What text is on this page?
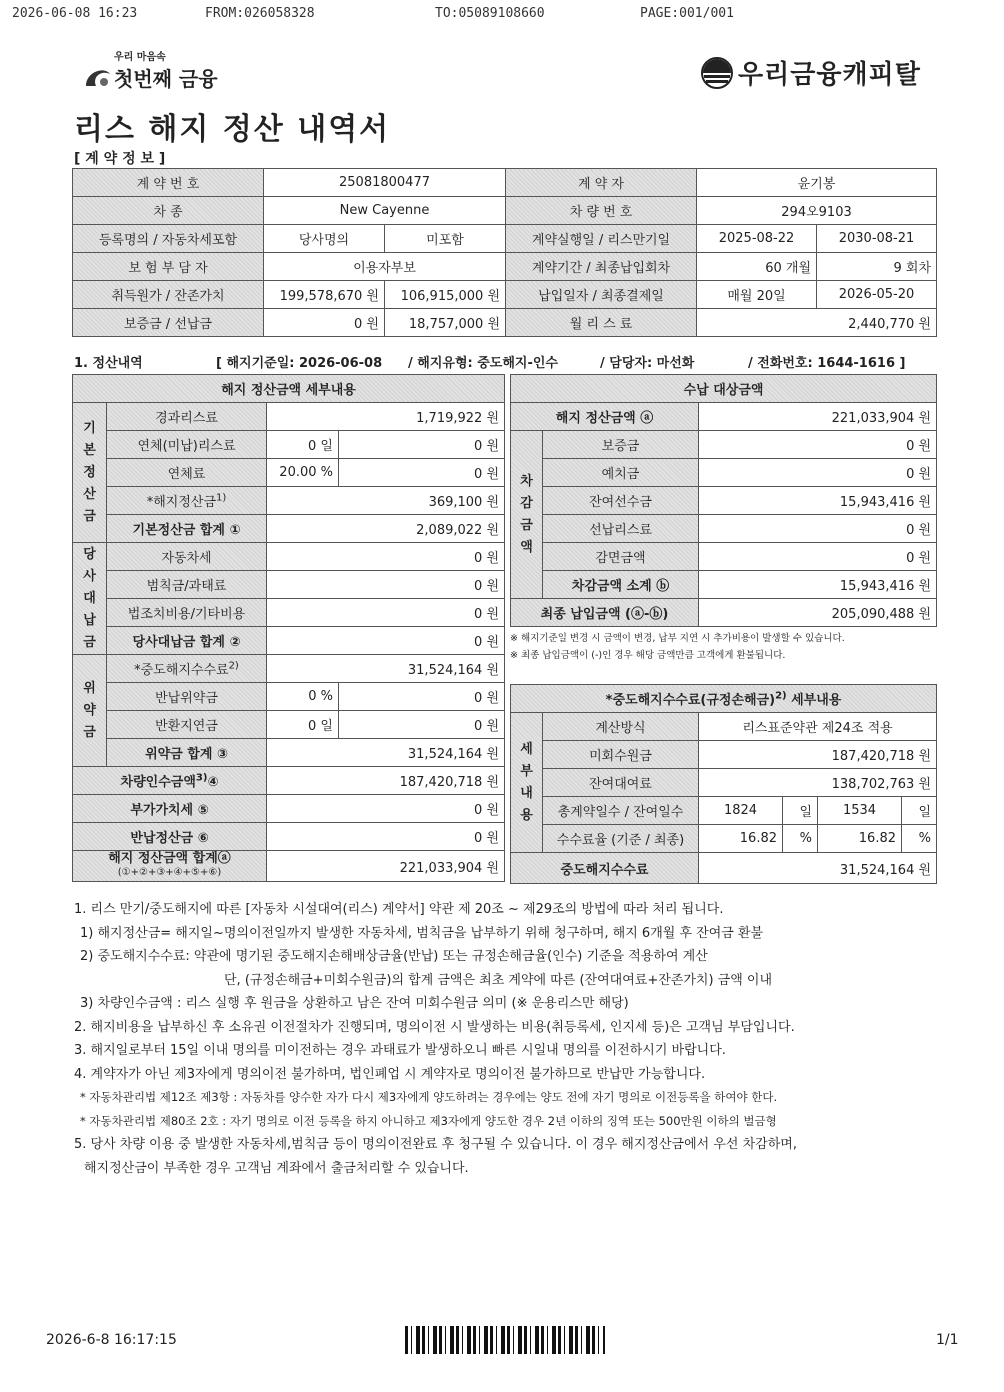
2026-06-08 16:23	FROM:026058328	TO:05089108660	PAGE:001/001
우리 마음속
첫번째 금융	우리금융캐피탈
리스 해지 정산 내역서
[ 계 약 정 보 ]
계 약 번 호	25081800477		계 약 자	윤기봉	
차 종	New Cayenne		차 량 번 호	294오9103	
등록명의 / 자동차세포함	당사명의	미포함	계약실행일 / 리스만기일	2025-08-22	2030-08-21
보 험 부 담 자	이용자부보		계약기간 / 최종납입회차	60 개월	9 회차
취득원가 / 잔존가치	199,578,670 원	106,915,000 원	납입일자 / 최종결제일	매월 20일	2026-05-20
보증금 / 선납금	0 원	18,757,000 원	월 리 스 료	2,440,770 원	
1. 정산내역	[ 해지기준일: 2026-06-08 / 해지유형: 중도해지-인수	/ 담당자: 마선화	/ 전화번호: 1644-1616 ]
해지 정산금액 세부내용			

기
본
정
산
금	경과리스료	1,719,922 원	
	연체(미납)리스료	0 일	0 원
	연체료	20.00 %	0 원
	*해지정산금$^{1)}$	369,100 원	
	기본정산금 합계 ①	2,089,022 원	

당
사
대
납
금	자동차세	0 원	
	범칙금/과태료	0 원	
	법조치비용/기타비용	0 원	
	당사대납금 합계 ②	0 원	

위
약
금	*중도해지수수료$^{2)}$	31,524,164 원	
	반납위약금	0 %	0 원
	반환지연금	0 일	0 원
	위약금 합계 ③	31,524,164 원	
차량인수금액$^{3)}$④		187,420,718 원	
부가가치세 ⑤		0 원	
반납정산금 ⑥		0 원	

해지 정산금액 합계ⓐ
(①+②+③+④+⑤+⑥)		221,033,904 원	
수납 대상금액		
해지 정산금액 ⓐ		221,033,904 원

차
감
금
액	보증금	0 원
	예치금	0 원
	잔여선수금	15,943,416 원
	선납리스료	0 원
	감면금액	0 원
	차감금액 소계 ⓑ	15,943,416 원
최종 납입금액 (ⓐ-ⓑ)		205,090,488 원
※ 해지기준일 변경 시 금액이 변경, 납부 지연 시 추가비용이 발생할 수 있습니다.
※ 최종 납입금액이 (-)인 경우 해당 금액만큼 고객에게 환불됩니다.
*중도해지수수료(규정손해금)$^{2)}$ 세부내용					

세
부
내
용	계산방식	리스표준약관 제24조 적용			
	미회수원금	187,420,718 원			
	잔여대여료	138,702,763 원			
	총계약일수 / 잔여일수	1824	일	1534	일
	수수료율 (기준 / 최종)	16.82	%	16.82	%
중도해지수수료		31,524,164 원			
1. 리스 만기/중도해지에 따른 [자동차 시설대여(리스) 계약서] 약관 제 20조 ~ 제29조의 방법에 따라 처리 됩니다.
1) 해지정산금= 해지일~명의이전일까지 발생한 자동차세, 범칙금을 납부하기 위해 청구하며, 해지 6개월 후 잔여금 환불
2) 중도해지수수료: 약관에 명기된 중도해지손해배상금율(반납) 또는 규정손해금율(인수) 기준을 적용하여 계산
단, (규정손해금+미회수원금)의 합계 금액은 최초 계약에 따른 (잔여대여료+잔존가치) 금액 이내
3) 차량인수금액 : 리스 실행 후 원금을 상환하고 남은 잔여 미회수원금 의미 (※ 운용리스만 해당)
2. 해지비용을 납부하신 후 소유권 이전절차가 진행되며, 명의이전 시 발생하는 비용(취등록세, 인지세 등)은 고객님 부담입니다.
3. 해지일로부터 15일 이내 명의를 미이전하는 경우 과태료가 발생하오니 빠른 시일내 명의를 이전하시기 바랍니다.
4. 계약자가 아닌 제3자에게 명의이전 불가하며, 법인폐업 시 계약자로 명의이전 불가하므로 반납만 가능합니다.
* 자동차관리법 제12조 제3항 : 자동차를 양수한 자가 다시 제3자에게 양도하려는 경우에는 양도 전에 자기 명의로 이전등록을 하여야 한다.
* 자동차관리법 제80조 2호 : 자기 명의로 이전 등록을 하지 아니하고 제3자에게 양도한 경우 2년 이하의 징역 또는 500만원 이하의 벌금형
5. 당사 차량 이용 중 발생한 자동차세,범칙금 등이 명의이전완료 후 청구될 수 있습니다. 이 경우 해지정산금에서 우선 차감하며,
해지정산금이 부족한 경우 고객님 계좌에서 출금처리할 수 있습니다.
2026-6-8 16:17:15	1/1
